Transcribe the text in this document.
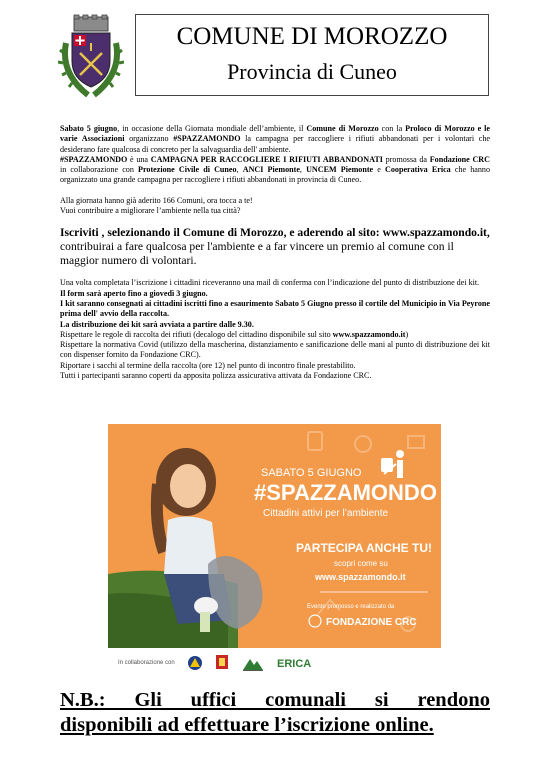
COMUNE DI MOROZZO
Provincia di Cuneo

Sabato 5 giugno, in occasione della Giornata mondiale dell’ambiente, il Comune di Morozzo con la Proloco di Morozzo e le varie Associazioni organizzano #SPAZZAMONDO la campagna per raccogliere i rifiuti abbandonati per i volontari che desiderano fare qualcosa di concreto per la salvaguardia dell' ambiente.

#SPAZZAMONDO è una CAMPAGNA PER RACCOGLIERE I RIFIUTI ABBANDONATI promossa da Fondazione CRC in collaborazione con Protezione Civile di Cuneo, ANCI Piemonte, UNCEM Piemonte e Cooperativa Erica che hanno organizzato una grande campagna per raccogliere i rifiuti abbandonati in provincia di Cuneo.

Alla giornata hanno già aderito 166 Comuni, ora tocca a te!

Vuoi contribuire a migliorare l’ambiente nella tua città?

Iscriviti , selezionando il Comune di Morozzo, e aderendo al sito: www.spazzamondo.it, contribuirai a fare qualcosa per l'ambiente e a far vincere un premio al comune con il maggior numero di volontari.

Una volta completata l’iscrizione i cittadini riceveranno una mail di conferma con l’indicazione del punto di distribuzione dei kit.

Il form sarà aperto fino a giovedì 3 giugno.

I kit saranno consegnati ai cittadini iscritti fino a esaurimento Sabato 5 Giugno presso il cortile del Municipio in Via Peyrone prima dell' avvio della raccolta.

La distribuzione dei kit sarà avviata a partire dalle 9.30.

Rispettare le regole di raccolta dei rifiuti (decalogo del cittadino disponibile sul sito www.spazzamondo.it)

Rispettare la normativa Covid (utilizzo della mascherina, distanziamento e sanificazione delle mani al punto di distribuzione dei kit con dispenser fornito da Fondazione CRC).

Riportare i sacchi al termine della raccolta (ore 12) nel punto di incontro finale prestabilito.

Tutti i partecipanti saranno coperti da apposita polizza assicurativa attivata da Fondazione CRC.

SABATO 5 GIUGNO
#SPAZZAMONDO
Cittadini attivi per l’ambiente
PARTECIPA ANCHE TU!
scopri come su
www.spazzamondo.it
Evento promosso e realizzato da
FONDAZIONE CRC
In collaborazione con	ERICA
N.B.: Gli uffici comunali si rendono
disponibili ad effettuare l’iscrizione online.
